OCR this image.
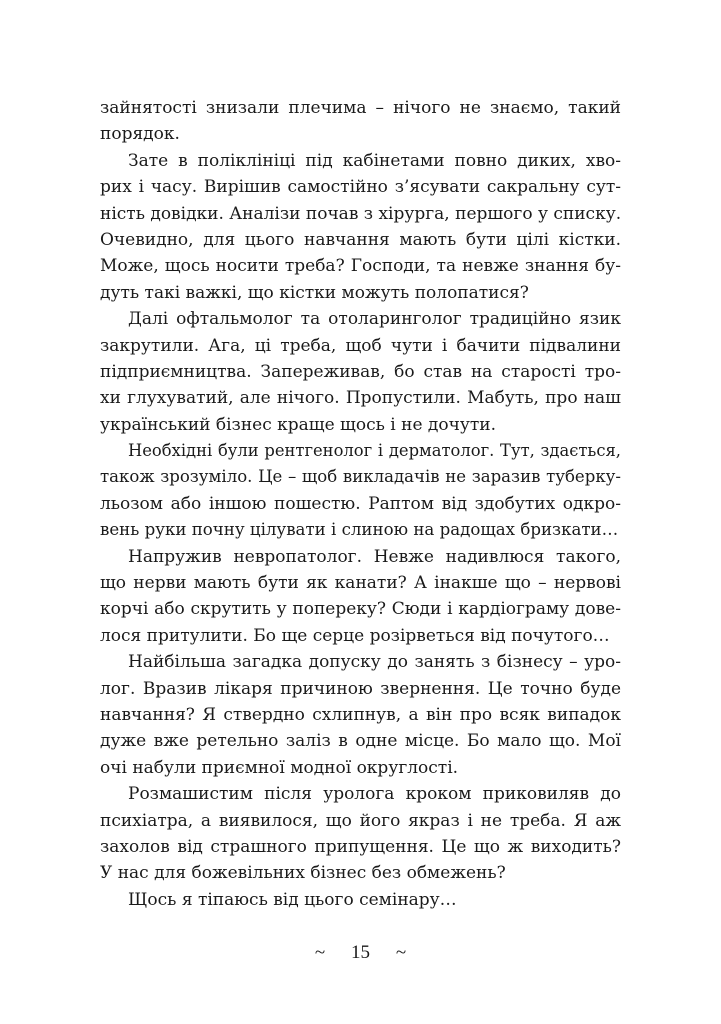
зайнятості знизали плечима – нічого не знаємо, такий
порядок.
Зате в поліклініці під кабінетами повно диких, хво-
рих і часу. Вирішив самостійно з’ясувати сакральну сут-
ність довідки. Аналізи почав з хірурга, першого у списку.
Очевидно, для цього навчання мають бути цілі кістки.
Може, щось носити треба? Господи, та невже знання бу-
дуть такі важкі, що кістки можуть полопатися?
Далі офтальмолог та отоларинголог традиційно язик
закрутили. Ага, ці треба, щоб чути і бачити підвалини
підприємництва. Запереживав, бо став на старості тро-
хи глухуватий, але нічого. Пропустили. Мабуть, про наш
український бізнес краще щось і не дочути.
Необхідні були рентгенолог і дерматолог. Тут, здається,
також зрозуміло. Це – щоб викладачів не заразив туберку-
льозом або іншою пошестю. Раптом від здобутих одкро-
вень руки почну цілувати і слиною на радощах бризкати…
Напружив невропатолог. Невже надивлюся такого,
що нерви мають бути як канати? А інакше що – нервові
корчі або скрутить у попереку? Сюди і кардіограму дове-
лося притулити. Бо ще серце розірветься від почутого…
Найбільша загадка допуску до занять з бізнесу – уро-
лог. Вразив лікаря причиною звернення. Це точно буде
навчання? Я ствердно схлипнув, а він про всяк випадок
дуже вже ретельно заліз в одне місце. Бо мало що. Мої
очі набули приємної модної округлості.
Розмашистим після уролога кроком приковиляв до
психіатра, а виявилося, що його якраз і не треба. Я аж
захолов від страшного припущення. Це що ж виходить?
У нас для божевільних бізнес без обмежень?
Щось я тіпаюсь від цього семінару…
~ 15 ~
